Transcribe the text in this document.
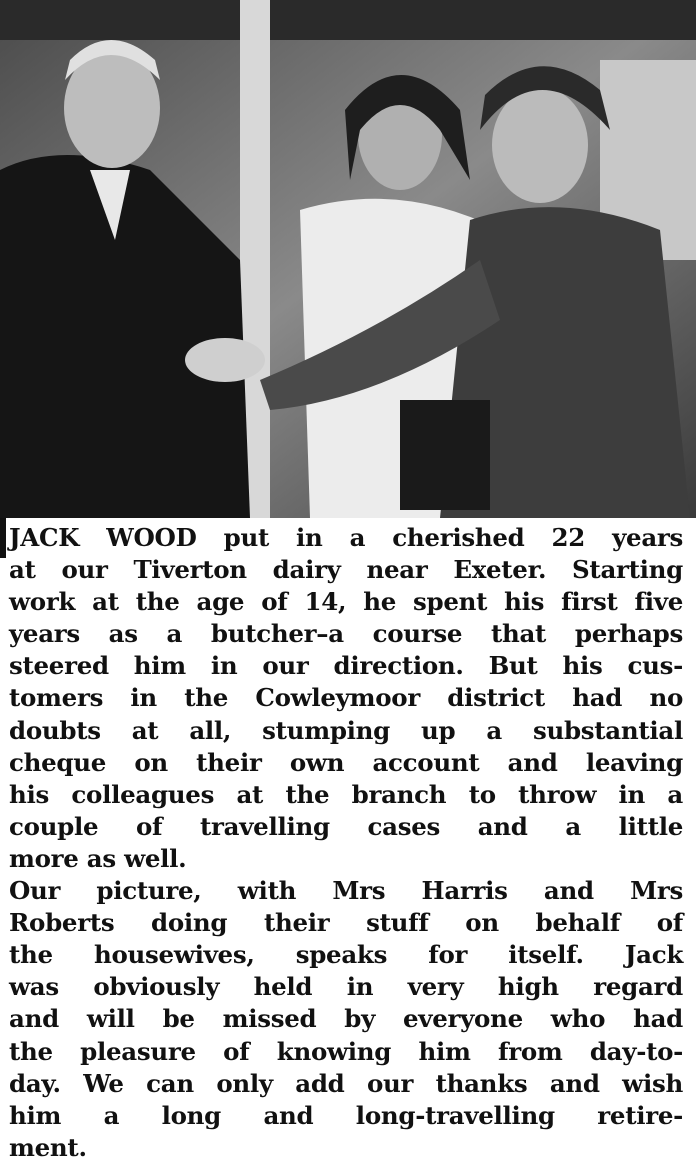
JACK WOOD put in a cherished 22 years
at our Tiverton dairy near Exeter. Starting
work at the age of 14, he spent his first five
years as a butcher–a course that perhaps
steered him in our direction. But his cus-
tomers in the Cowleymoor district had no
doubts at all, stumping up a substantial
cheque on their own account and leaving
his colleagues at the branch to throw in a
couple of travelling cases and a little
more as well.
Our picture, with Mrs Harris and Mrs
Roberts doing their stuff on behalf of
the housewives, speaks for itself. Jack
was obviously held in very high regard
and will be missed by everyone who had
the pleasure of knowing him from day-to-
day. We can only add our thanks and wish
him a long and long-travelling retire-
ment.
